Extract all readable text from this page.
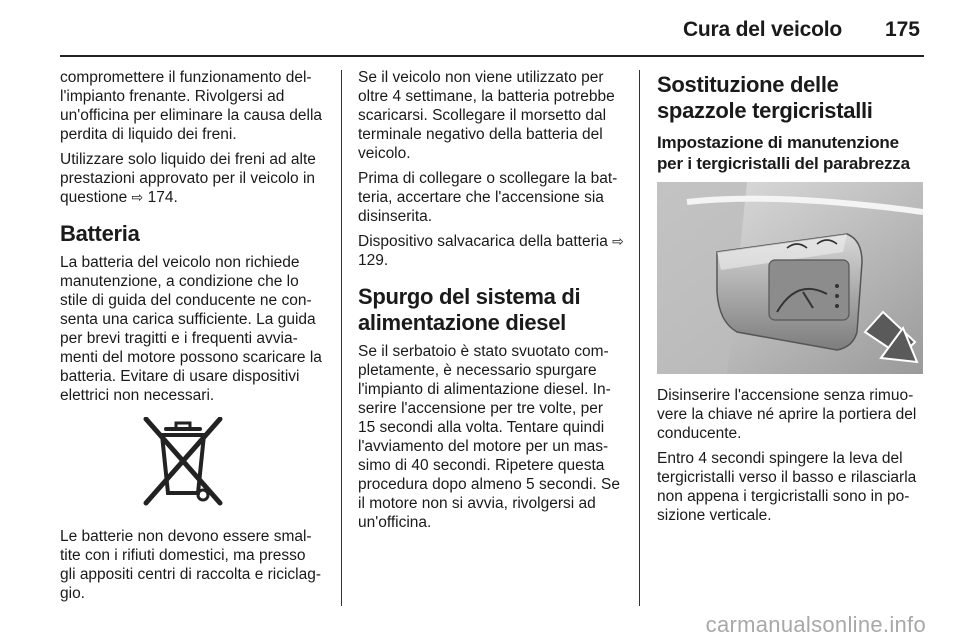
Cura del veicolo 175

compromettere il funzionamento del- l'impianto frenante. Rivolgersi ad un'officina per eliminare la causa della perdita di liquido dei freni.

Utilizzare solo liquido dei freni ad alte prestazioni approvato per il veicolo in questione ⇨ 174.

Batteria

La batteria del veicolo non richiede manutenzione, a condizione che lo stile di guida del conducente ne con- senta una carica sufficiente. La guida per brevi tragitti e i frequenti avvia- menti del motore possono scaricare la batteria. Evitare di usare dispositivi elettrici non necessari.

Le batterie non devono essere smal- tite con i rifiuti domestici, ma presso gli appositi centri di raccolta e riciclag- gio.

Se il veicolo non viene utilizzato per oltre 4 settimane, la batteria potrebbe scaricarsi. Scollegare il morsetto dal terminale negativo della batteria del veicolo.

Prima di collegare o scollegare la bat- teria, accertare che l'accensione sia disinserita.

Dispositivo salvacarica della batteria ⇨ 129.

Spurgo del sistema di alimentazione diesel

Se il serbatoio è stato svuotato com- pletamente, è necessario spurgare l'impianto di alimentazione diesel. In- serire l'accensione per tre volte, per 15 secondi alla volta. Tentare quindi l'avviamento del motore per un mas- simo di 40 secondi. Ripetere questa procedura dopo almeno 5 secondi. Se il motore non si avvia, rivolgersi ad un'officina.

Sostituzione delle spazzole tergicristalli
Impostazione di manutenzione per i tergicristalli del parabrezza

Disinserire l'accensione senza rimuo- vere la chiave né aprire la portiera del conducente.

Entro 4 secondi spingere la leva del tergicristalli verso il basso e rilasciarla non appena i tergicristalli sono in po- sizione verticale.

carmanualsonline.info
